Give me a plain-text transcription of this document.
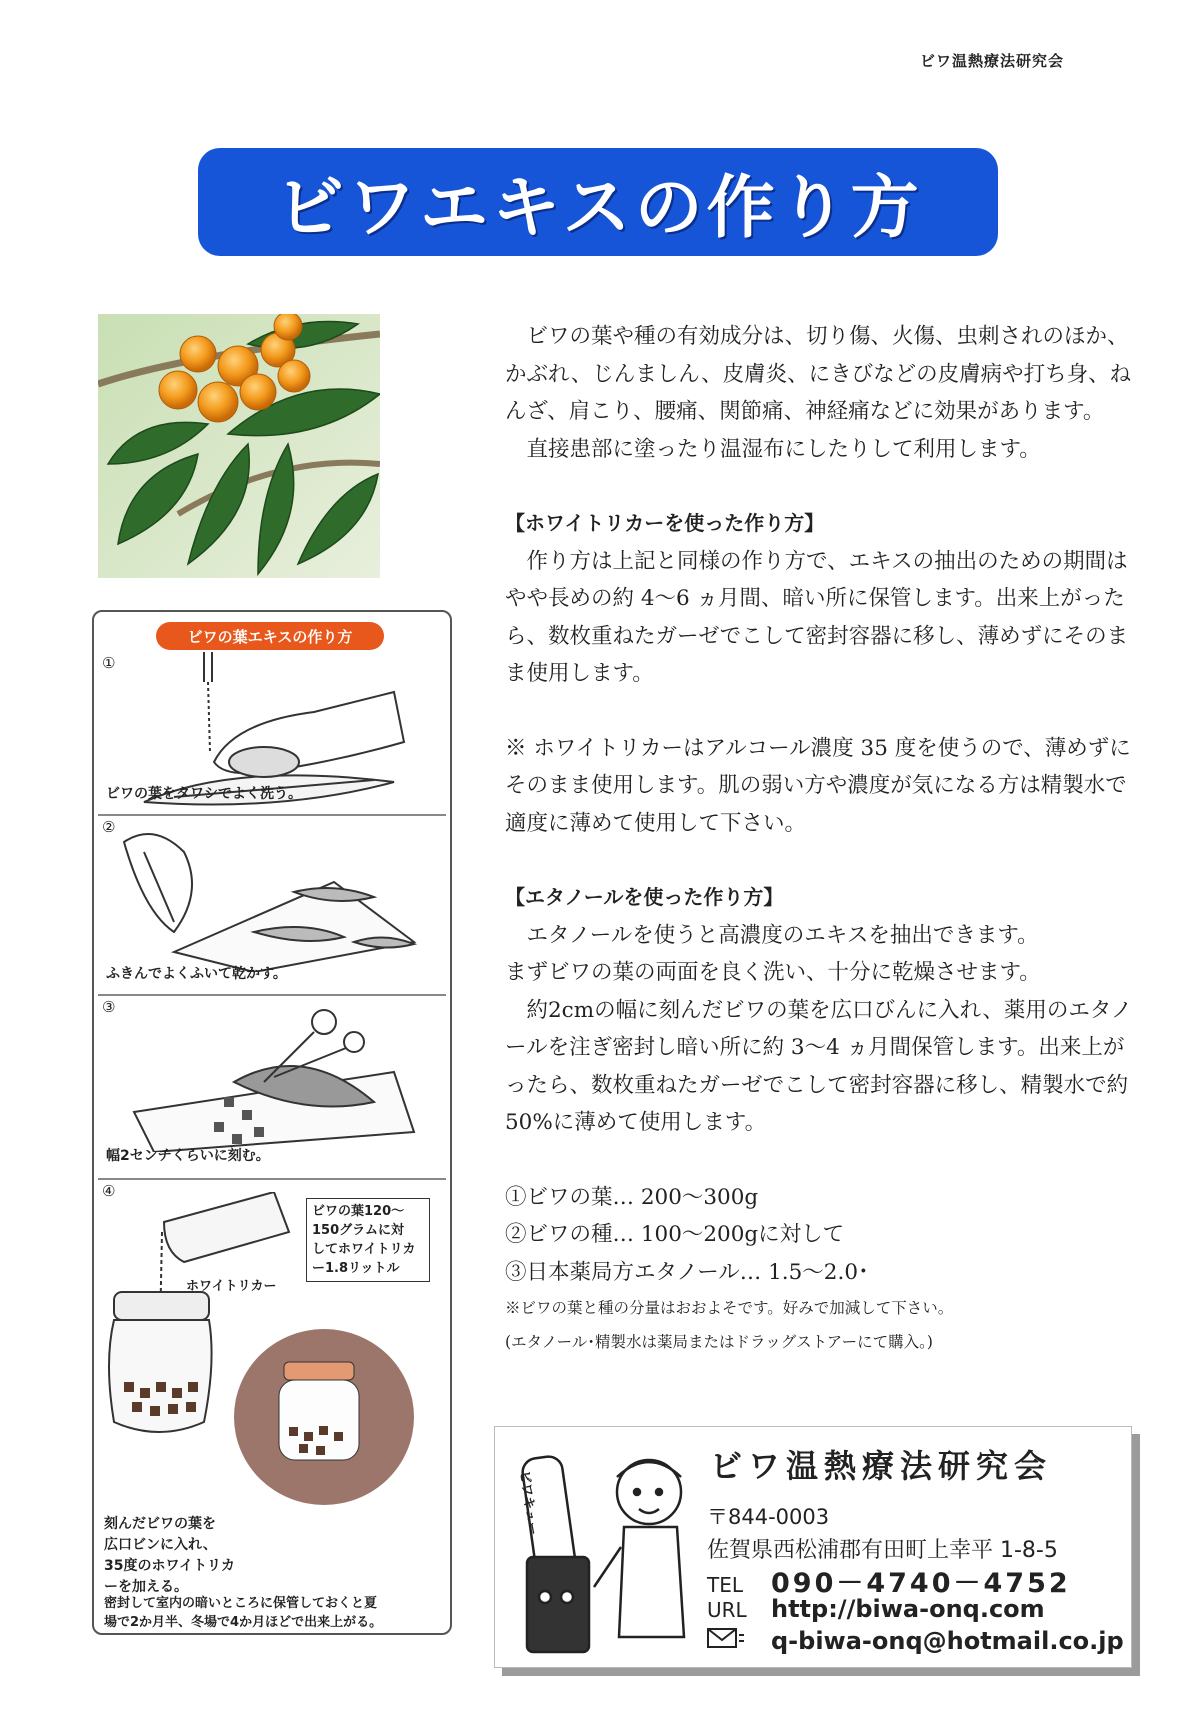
ビワ温熱療法研究会
ビワエキスの作り方
ビワの葉エキスの作り方
①
ビワの葉をタワシでよく洗う。
②
ふきんでよくふいて乾かす。
③
幅2センチくらいに刻む。
④
ホワイトリカー
ビワの葉120～
150グラムに対
してホワイトリカ
ー1.8リットル
刻んだビワの葉を
広口ビンに入れ、
35度のホワイトリカ
ーを加える。
密封して室内の暗いところに保管しておくと夏
場で2か月半、冬場で4か月ほどで出来上がる。

ビワの葉や種の有効成分は、切り傷、火傷、虫刺されのほか、かぶれ、じんましん、皮膚炎、にきびなどの皮膚病や打ち身、ねんざ、肩こり、腰痛、関節痛、神経痛などに効果があります。

直接患部に塗ったり温湿布にしたりして利用します。

【ホワイトリカーを使った作り方】

作り方は上記と同様の作り方で、エキスの抽出のための期間はやや長めの約 4～6 ヵ月間、暗い所に保管します。出来上がったら、数枚重ねたガーゼでこして密封容器に移し、薄めずにそのまま使用します。

※ ホワイトリカーはアルコール濃度 35 度を使うので、薄めずにそのまま使用します。肌の弱い方や濃度が気になる方は精製水で適度に薄めて使用して下さい。

【エタノールを使った作り方】

エタノールを使うと高濃度のエキスを抽出できます。

まずビワの葉の両面を良く洗い、十分に乾燥させます。

約2cmの幅に刻んだビワの葉を広口びんに入れ、薬用のエタノールを注ぎ密封し暗い所に約 3～4 ヵ月間保管します。出来上がったら、数枚重ねたガーゼでこして密封容器に移し、精製水で約 50%に薄めて使用します。

①ビワの葉… 200～300g

②ビワの種… 100～200gに対して

③日本薬局方エタノール… 1.5～2.0･

※ビワの葉と種の分量はおおよそです。好みで加減して下さい。

(エタノール･精製水は薬局またはドラッグストアーにて購入。)

ビワキュー
ビワ温熱療法研究会
〒844-0003
佐賀県西松浦郡有田町上幸平 1-8-5
TEL 090－4740－4752
URL http://biwa-onq.com
q-biwa-onq@hotmail.co.jp
